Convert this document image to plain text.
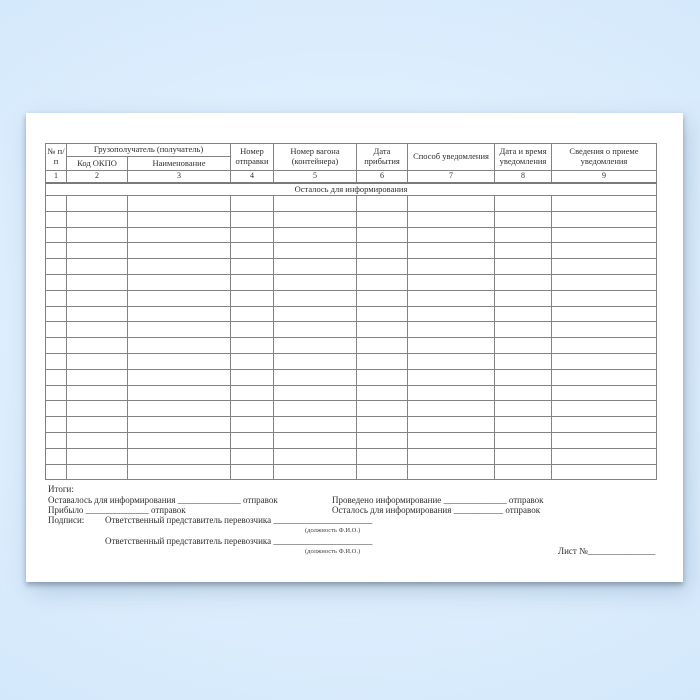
№ п/п	Грузополучатель (получатель)		Номер отправки	Номер вагона (контейнера)	Дата прибытия	Способ уведомления	Дата и время уведомления	Сведения о приеме уведомления
	Код ОКПО	Наименование						
1	2	3	4	5	6	7	8	9
Осталось для информирования								

Итоги:
Оставалось для информирования ______________ отправок	Проведено информирование ______________ отправок
Прибыло ______________ отправок	Осталось для информирования ___________ отправок
Подписи: Ответственный представитель перевозчика ______________________
(должность Ф.И.О.)
Ответственный представитель перевозчика ______________________
(должность Ф.И.О.)	Лист №_______________
